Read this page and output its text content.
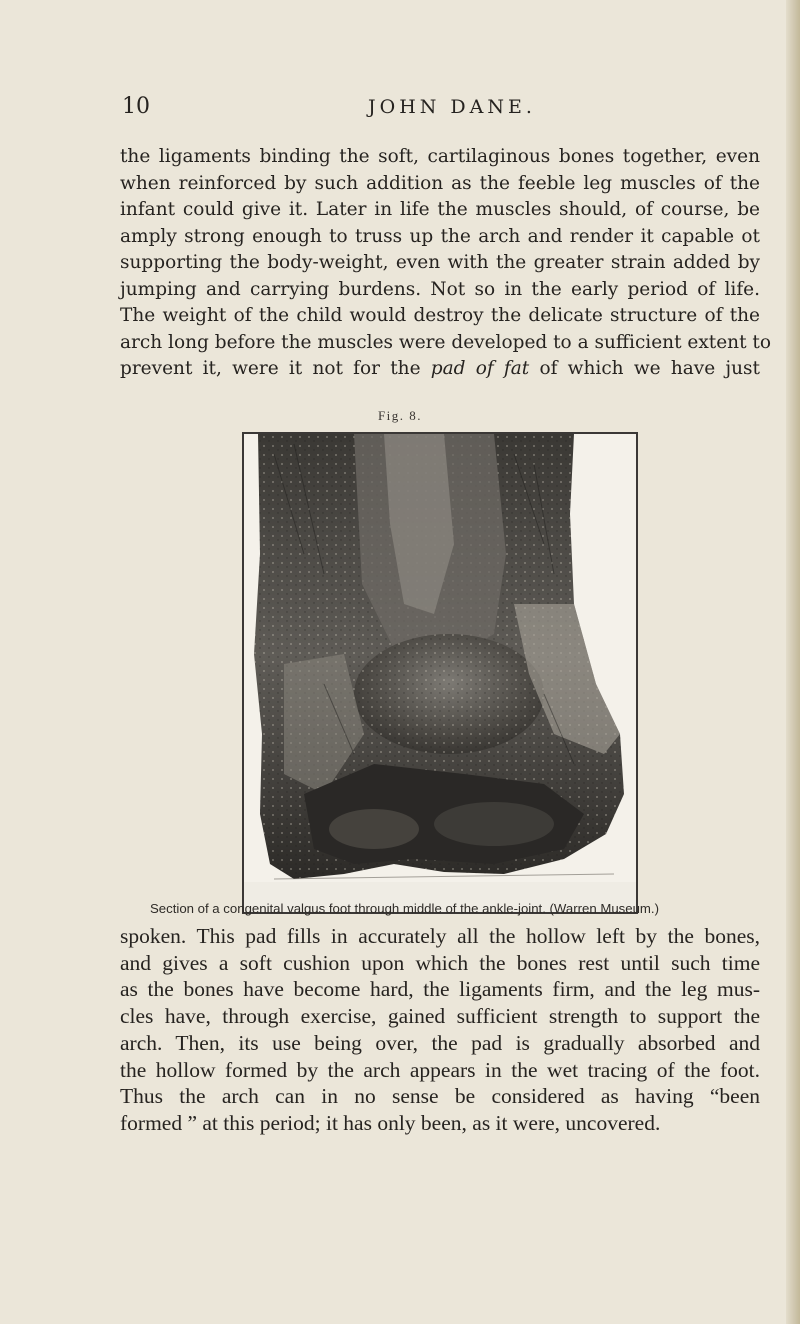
10	JOHN DANE.
the ligaments binding the soft, cartilaginous bones together, even
when reinforced by such addition as the feeble leg muscles of the
infant could give it. Later in life the muscles should, of course, be
amply strong enough to truss up the arch and render it capable ot
supporting the body-weight, even with the greater strain added by
jumping and carrying burdens. Not so in the early period of life.
The weight of the child would destroy the delicate structure of the
arch long before the muscles were developed to a sufficient extent to
prevent it, were it not for the pad of fat of which we have just
Fig. 8.
Section of a congenital valgus foot through middle of the ankle-joint. (Warren Museum.)
spoken. This pad fills in accurately all the hollow left by the bones,
and gives a soft cushion upon which the bones rest until such time
as the bones have become hard, the ligaments firm, and the leg mus-
cles have, through exercise, gained sufficient strength to support the
arch. Then, its use being over, the pad is gradually absorbed and
the hollow formed by the arch appears in the wet tracing of the foot.
Thus the arch can in no sense be considered as having “been
formed ” at this period; it has only been, as it were, uncovered.
